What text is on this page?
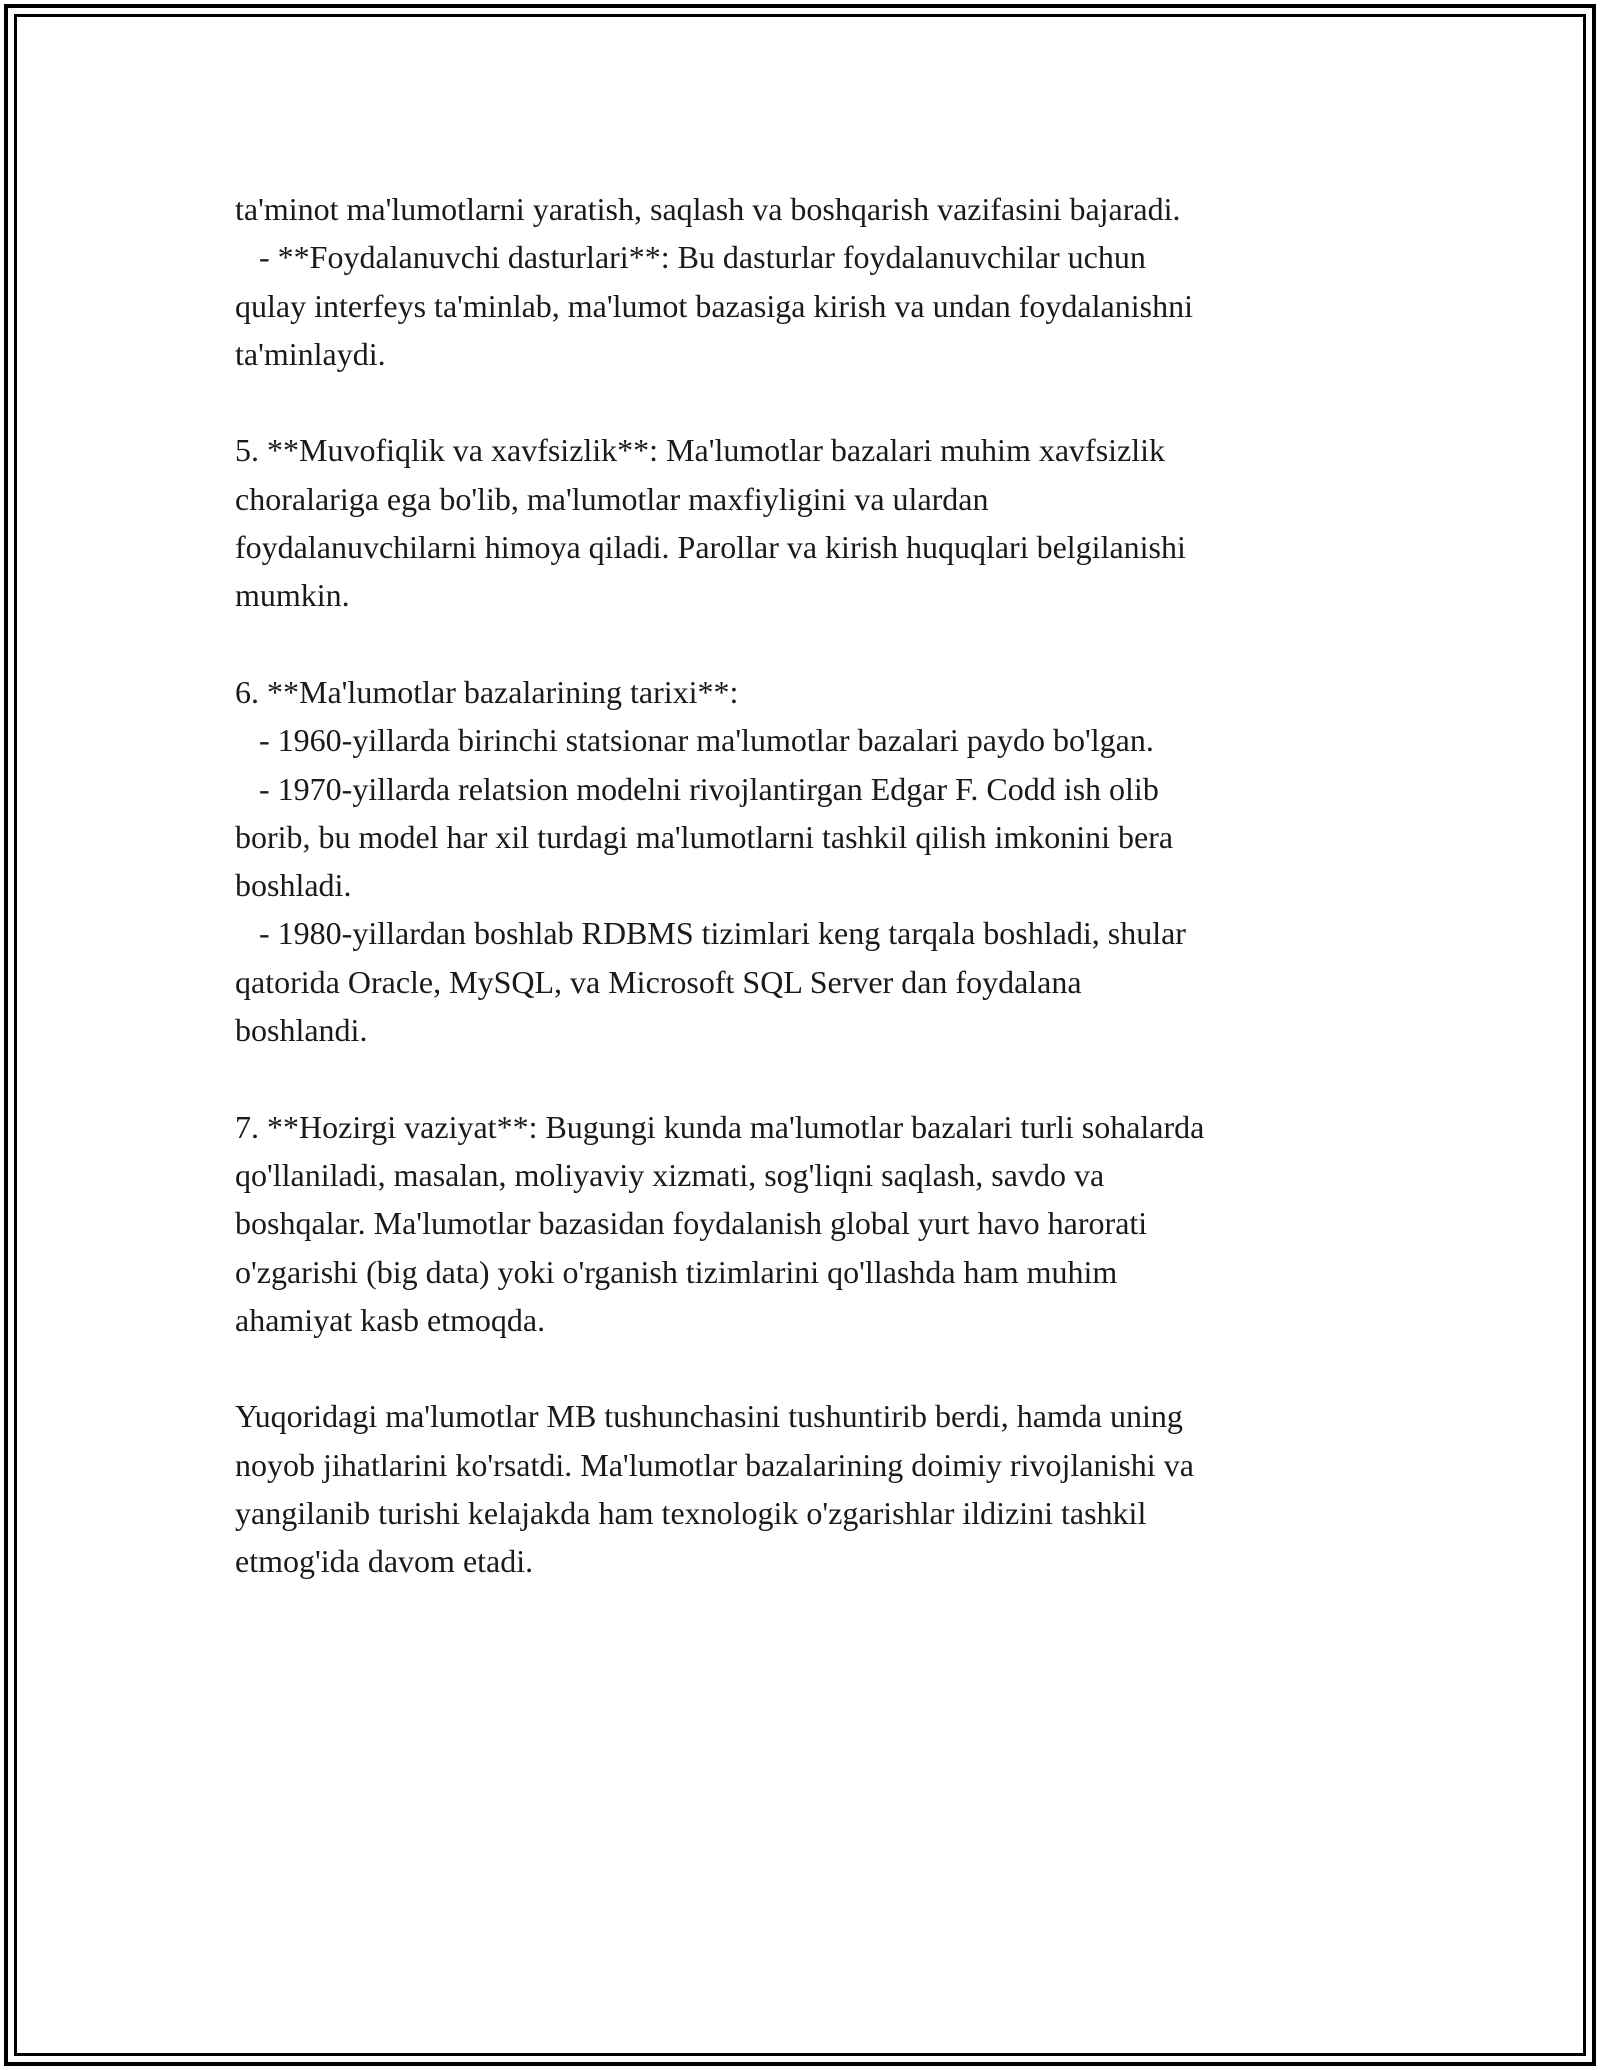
ta'minot ma'lumotlarni yaratish, saqlash va boshqarish vazifasini bajaradi.
- **Foydalanuvchi dasturlari**: Bu dasturlar foydalanuvchilar uchun
qulay interfeys ta'minlab, ma'lumot bazasiga kirish va undan foydalanishni
ta'minlaydi.
5. **Muvofiqlik va xavfsizlik**: Ma'lumotlar bazalari muhim xavfsizlik
choralariga ega bo'lib, ma'lumotlar maxfiyligini va ulardan
foydalanuvchilarni himoya qiladi. Parollar va kirish huquqlari belgilanishi
mumkin.
6. **Ma'lumotlar bazalarining tarixi**:
- 1960-yillarda birinchi statsionar ma'lumotlar bazalari paydo bo'lgan.
- 1970-yillarda relatsion modelni rivojlantirgan Edgar F. Codd ish olib
borib, bu model har xil turdagi ma'lumotlarni tashkil qilish imkonini bera
boshladi.
- 1980-yillardan boshlab RDBMS tizimlari keng tarqala boshladi, shular
qatorida Oracle, MySQL, va Microsoft SQL Server dan foydalana
boshlandi.
7. **Hozirgi vaziyat**: Bugungi kunda ma'lumotlar bazalari turli sohalarda
qo'llaniladi, masalan, moliyaviy xizmati, sog'liqni saqlash, savdo va
boshqalar. Ma'lumotlar bazasidan foydalanish global yurt havo harorati
o'zgarishi (big data) yoki o'rganish tizimlarini qo'llashda ham muhim
ahamiyat kasb etmoqda.
Yuqoridagi ma'lumotlar MB tushunchasini tushuntirib berdi, hamda uning
noyob jihatlarini ko'rsatdi. Ma'lumotlar bazalarining doimiy rivojlanishi va
yangilanib turishi kelajakda ham texnologik o'zgarishlar ildizini tashkil
etmog'ida davom etadi.
